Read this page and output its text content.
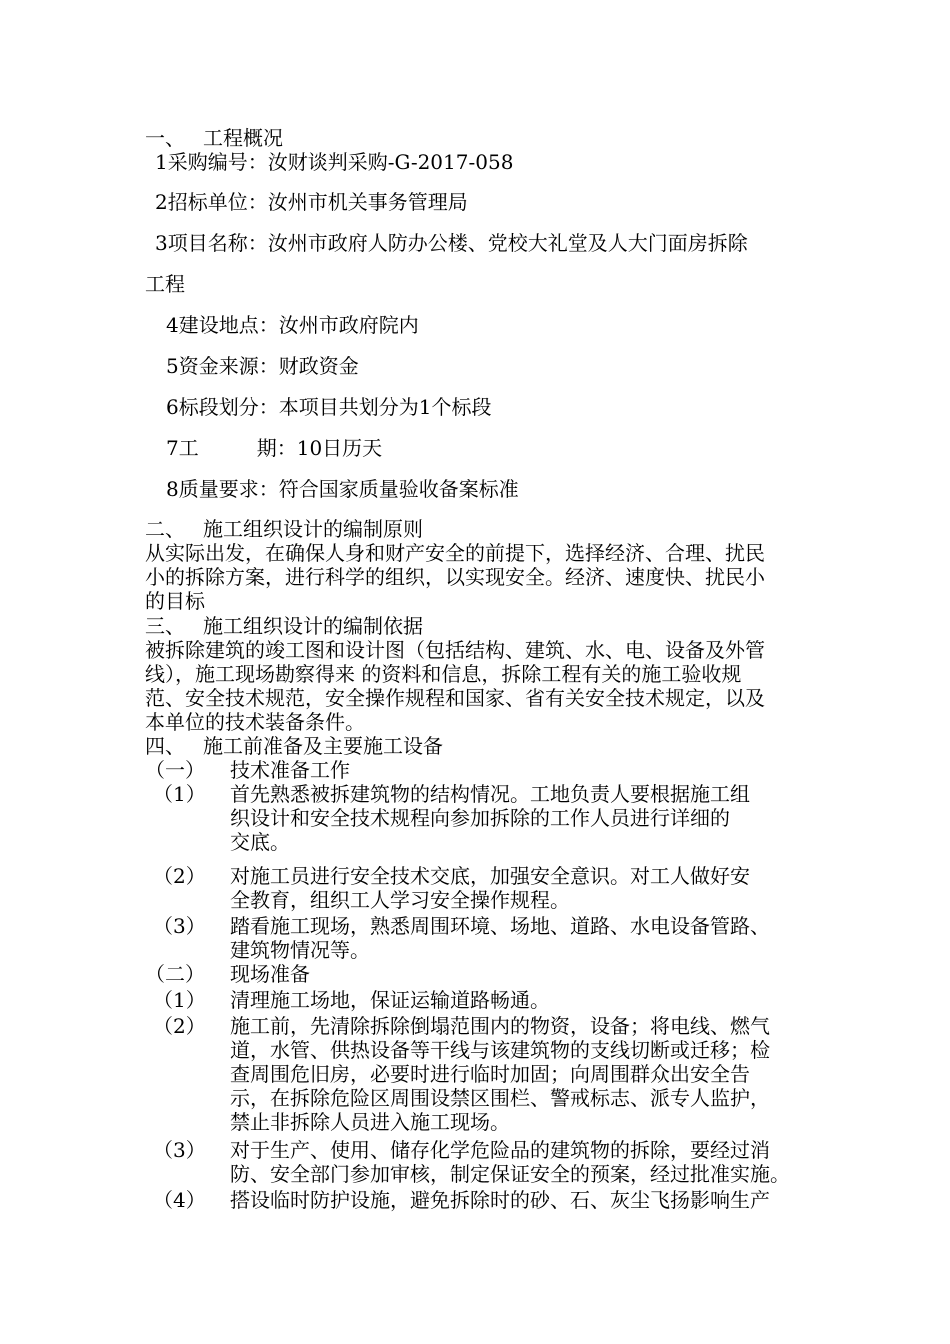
一、 工程概况
1采购编号：汝财谈判采购-G-2017-058
2招标单位：汝州市机关事务管理局
3项目名称：汝州市政府人防办公楼、党校大礼堂及人大门面房拆除
工程
4建设地点：汝州市政府院内
5资金来源：财政资金
6标段划分：本项目共划分为1个标段
7工	期：10日历天
8质量要求：符合国家质量验收备案标准
二、 施工组织设计的编制原则
从实际出发，在确保人身和财产安全的前提下，选择经济、合理、扰民
小的拆除方案，进行科学的组织，以实现安全。经济、速度快、扰民小
的目标
三、 施工组织设计的编制依据
被拆除建筑的竣工图和设计图（包括结构、建筑、水、电、设备及外管
线），施工现场勘察得来 的资料和信息，拆除工程有关的施工验收规
范、安全技术规范，安全操作规程和国家、省有关安全技术规定，以及
本单位的技术装备条件。
四、 施工前准备及主要施工设备
（一） 技术准备工作
（1） 首先熟悉被拆建筑物的结构情况。工地负责人要根据施工组
织设计和安全技术规程向参加拆除的工作人员进行详细的
交底。
（2） 对施工员进行安全技术交底，加强安全意识。对工人做好安
全教育，组织工人学习安全操作规程。
（3） 踏看施工现场，熟悉周围环境、场地、道路、水电设备管路、
建筑物情况等。
（二） 现场准备
（1） 清理施工场地，保证运输道路畅通。
（2） 施工前，先清除拆除倒塌范围内的物资，设备；将电线、燃气
道，水管、供热设备等干线与该建筑物的支线切断或迁移；检
查周围危旧房，必要时进行临时加固；向周围群众出安全告
示，在拆除危险区周围设禁区围栏、警戒标志、派专人监护，
禁止非拆除人员进入施工现场。
（3） 对于生产、使用、储存化学危险品的建筑物的拆除，要经过消
防、安全部门参加审核，制定保证安全的预案，经过批准实施。
（4） 搭设临时防护设施，避免拆除时的砂、石、灰尘飞扬影响生产
